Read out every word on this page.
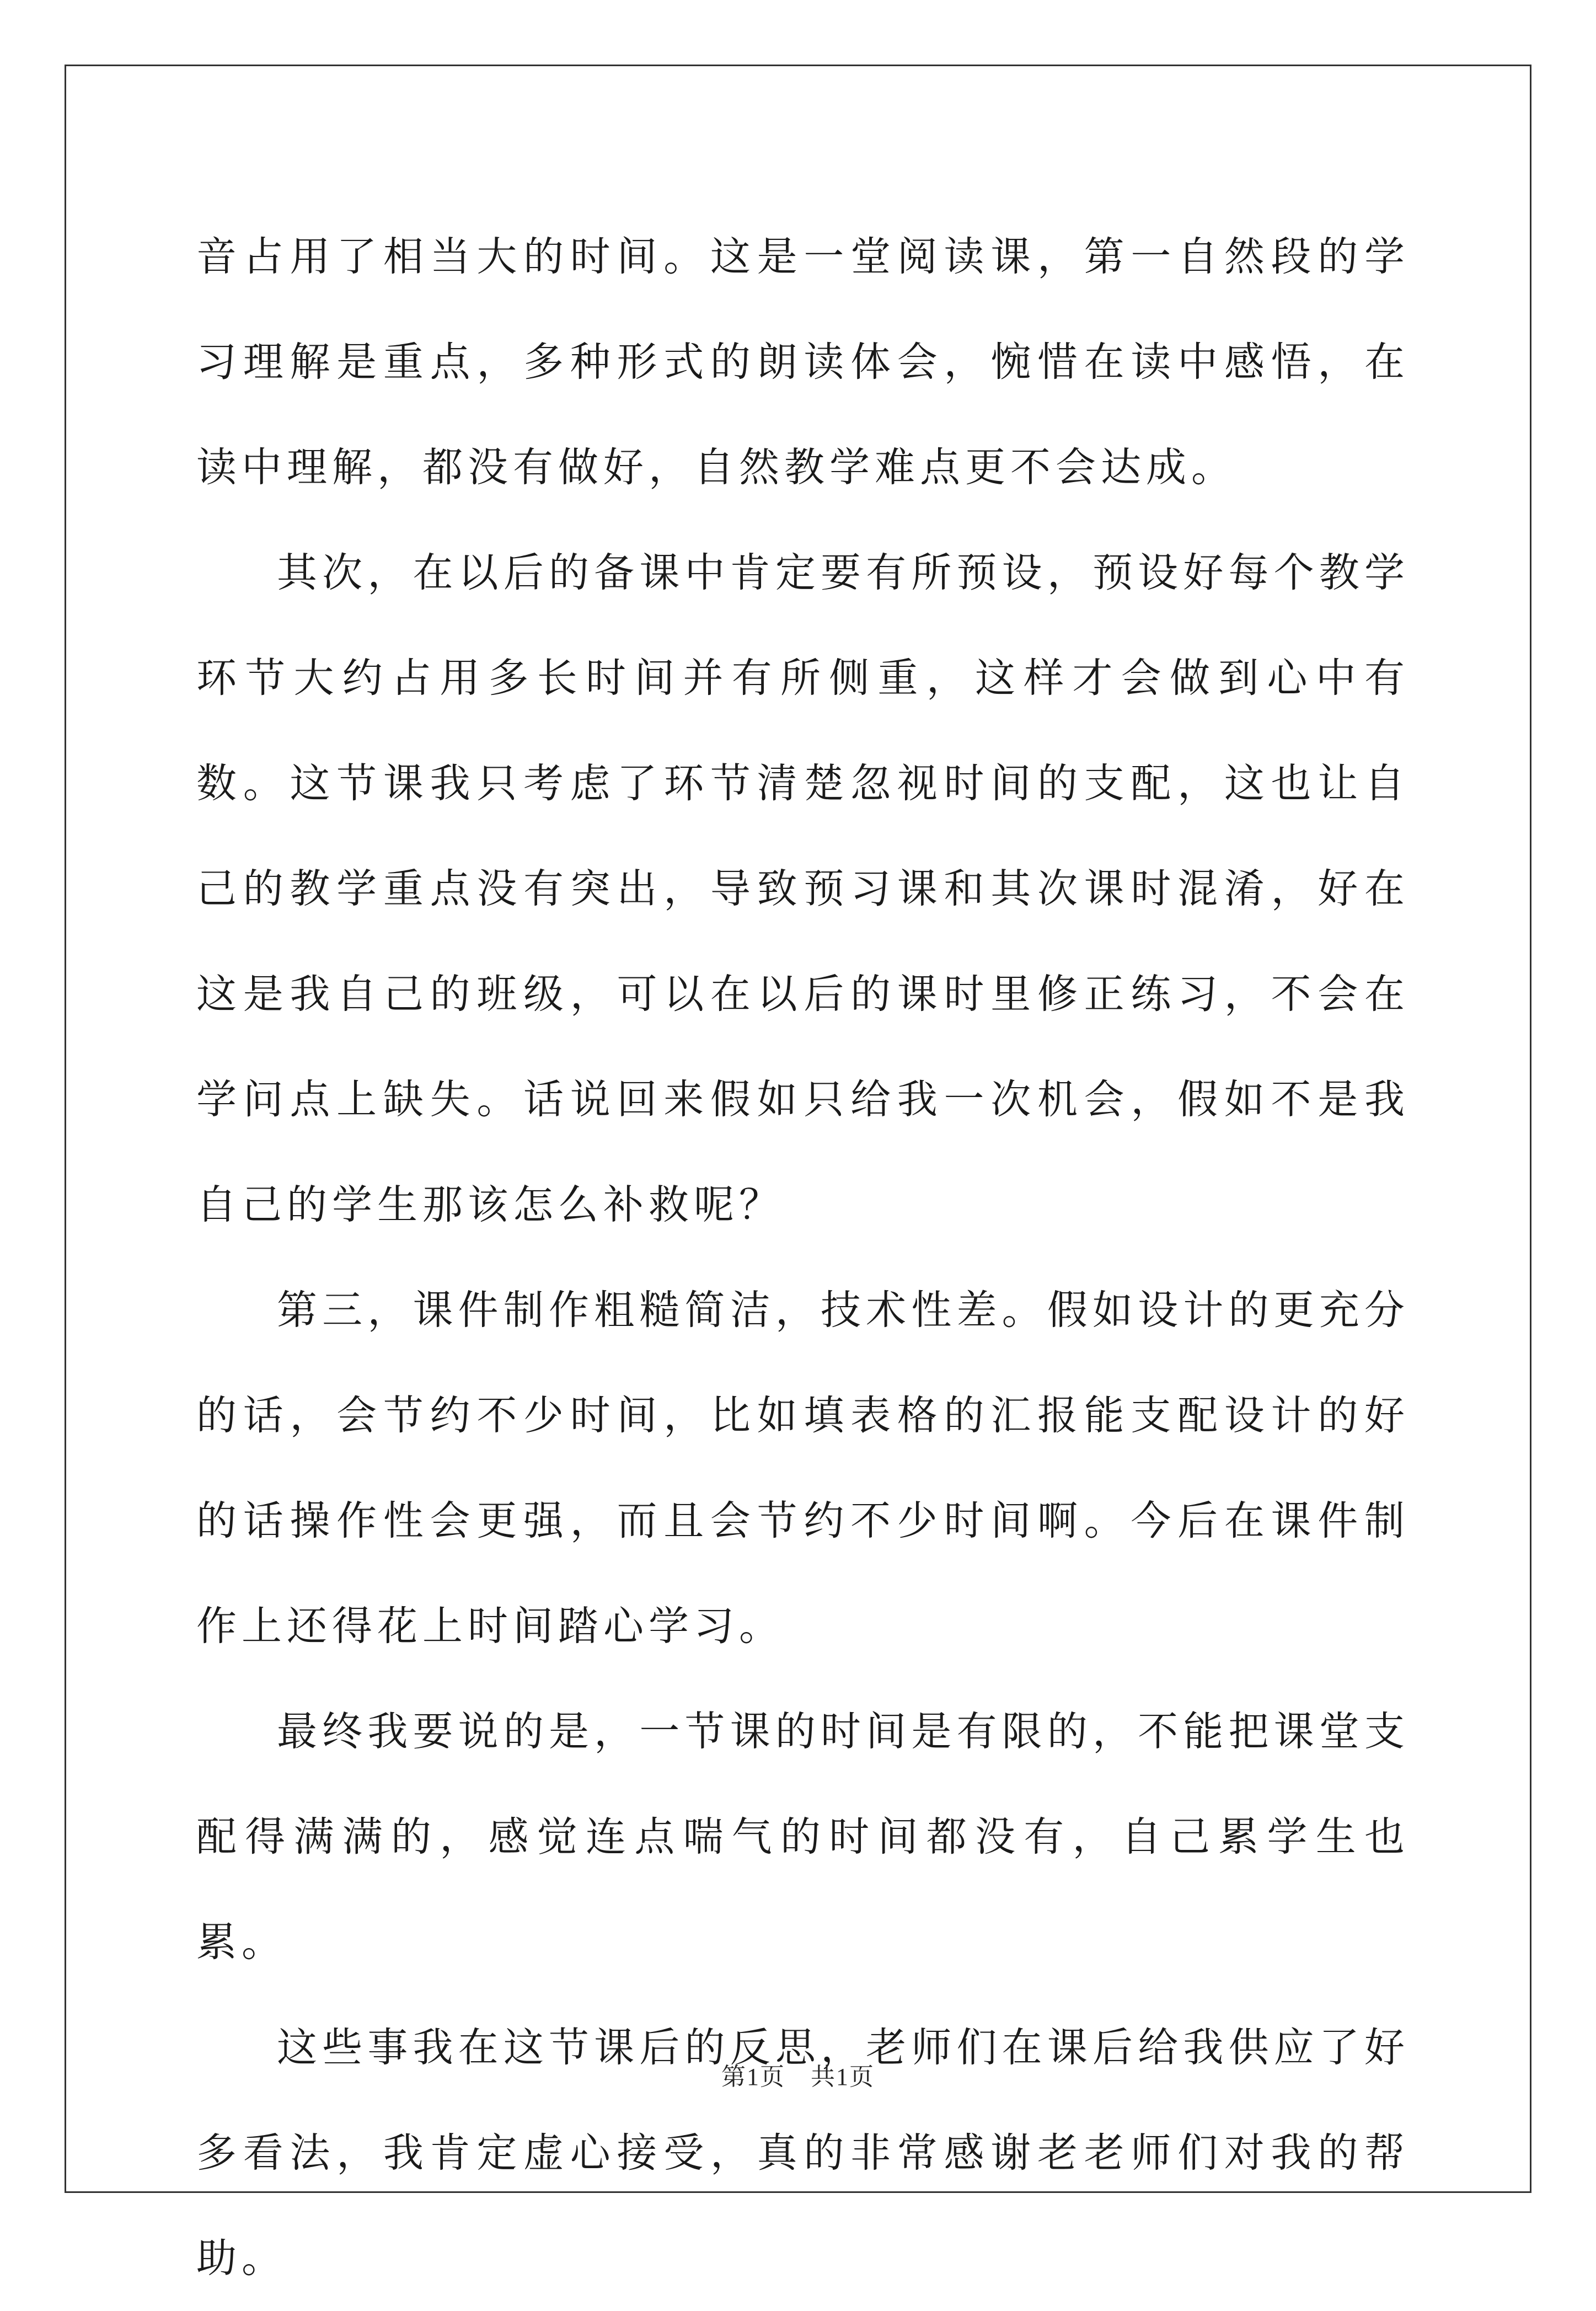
音占用了相当大的时间。这是一堂阅读课，第一自然段的学习理解是重点，多种形式的朗读体会，惋惜在读中感悟，在读中理解，都没有做好，自然教学难点更不会达成。

其次，在以后的备课中肯定要有所预设，预设好每个教学环节大约占用多长时间并有所侧重，这样才会做到心中有数。这节课我只考虑了环节清楚忽视时间的支配，这也让自己的教学重点没有突出，导致预习课和其次课时混淆，好在这是我自己的班级，可以在以后的课时里修正练习，不会在学问点上缺失。话说回来假如只给我一次机会，假如不是我自己的学生那该怎么补救呢？

第三，课件制作粗糙简洁，技术性差。假如设计的更充分的话，会节约不少时间，比如填表格的汇报能支配设计的好的话操作性会更强，而且会节约不少时间啊。今后在课件制作上还得花上时间踏心学习。

最终我要说的是，一节课的时间是有限的，不能把课堂支配得满满的，感觉连点喘气的时间都没有，自己累学生也累。

这些事我在这节课后的反思，老师们在课后给我供应了好多看法，我肯定虚心接受，真的非常感谢老老师们对我的帮助。

第1页　共1页
